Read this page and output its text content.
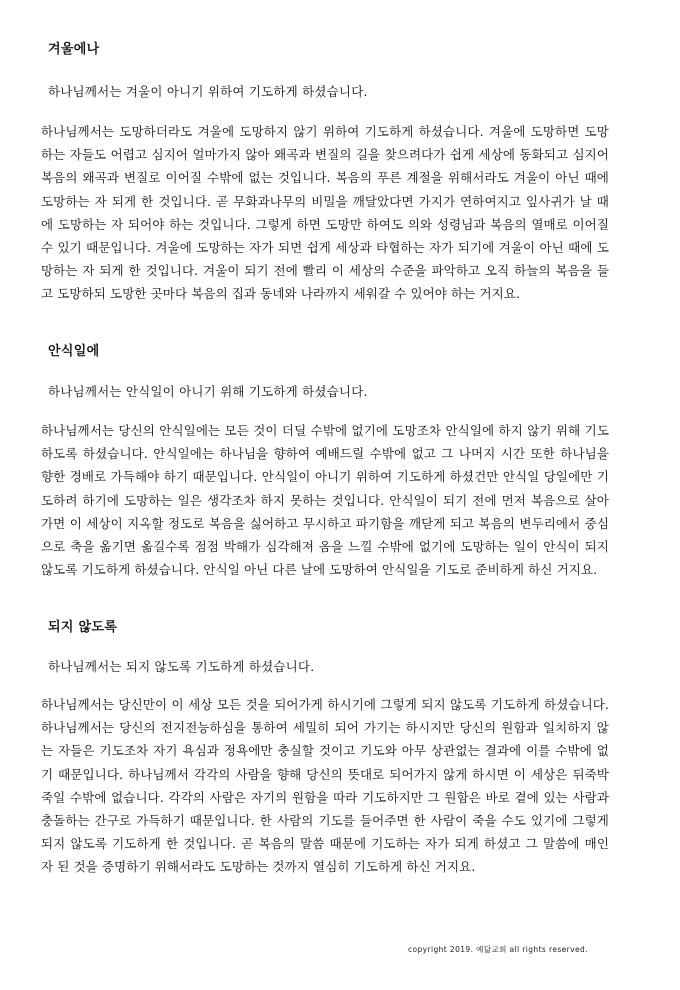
겨울에나
하나님께서는 겨울이 아니기 위하여 기도하게 하셨습니다.
하나님께서는 도망하더라도 겨울에 도망하지 않기 위하여 기도하게 하셨습니다. 겨울에 도망하면 도망하는 자들도 어렵고 심지어 얼마가지 않아 왜곡과 변질의 길을 찾으려다가 쉽게 세상에 동화되고 심지어 복음의 왜곡과 변질로 이어질 수밖에 없는 것입니다. 복음의 푸른 계절을 위해서라도 겨울이 아닌 때에 도망하는 자 되게 한 것입니다. 곧 무화과나무의 비밀을 깨달았다면 가지가 연하여지고 잎사귀가 날 때에 도망하는 자 되어야 하는 것입니다. 그렇게 하면 도망만 하여도 의와 성령님과 복음의 열매로 이어질 수 있기 때문입니다. 겨울에 도망하는 자가 되면 쉽게 세상과 타협하는 자가 되기에 겨울이 아닌 때에 도망하는 자 되게 한 것입니다. 겨울이 되기 전에 빨리 이 세상의 수준을 파악하고 오직 하늘의 복음을 들고 도망하되 도망한 곳마다 복음의 집과 동네와 나라까지 세워갈 수 있어야 하는 거지요.
안식일에
하나님께서는 안식일이 아니기 위해 기도하게 하셨습니다.
하나님께서는 당신의 안식일에는 모든 것이 더딜 수밖에 없기에 도망조차 안식일에 하지 않기 위해 기도하도록 하셨습니다. 안식일에는 하나님을 향하여 예배드릴 수밖에 없고 그 나머지 시간 또한 하나님을 향한 경배로 가득해야 하기 때문입니다. 안식일이 아니기 위하여 기도하게 하셨건만 안식일 당일에만 기도하려 하기에 도망하는 일은 생각조차 하지 못하는 것입니다. 안식일이 되기 전에 먼저 복음으로 살아가면 이 세상이 지옥할 정도로 복음을 싫어하고 무시하고 파기함을 깨닫게 되고 복음의 변두리에서 중심으로 축을 옮기면 옮길수록 점점 박해가 심각해져 옴을 느낄 수밖에 없기에 도망하는 일이 안식이 되지 않도록 기도하게 하셨습니다. 안식일 아닌 다른 날에 도망하여 안식일을 기도로 준비하게 하신 거지요.
되지 않도록
하나님께서는 되지 않도록 기도하게 하셨습니다.
하나님께서는 당신만이 이 세상 모든 것을 되어가게 하시기에 그렇게 되지 않도록 기도하게 하셨습니다. 하나님께서는 당신의 전지전능하심을 통하여 세밀히 되어 가기는 하시지만 당신의 원함과 일치하지 않는 자들은 기도조차 자기 욕심과 정욕에만 충실할 것이고 기도와 아무 상관없는 결과에 이를 수밖에 없기 때문입니다. 하나님께서 각각의 사람을 향해 당신의 뜻대로 되어가지 않게 하시면 이 세상은 뒤죽박죽일 수밖에 없습니다. 각각의 사람은 자기의 원함을 따라 기도하지만 그 원함은 바로 곁에 있는 사람과 충돌하는 간구로 가득하기 때문입니다. 한 사람의 기도를 들어주면 한 사람이 죽을 수도 있기에 그렇게 되지 않도록 기도하게 한 것입니다. 곧 복음의 말씀 때문에 기도하는 자가 되게 하셨고 그 말씀에 매인 자 된 것을 증명하기 위해서라도 도망하는 것까지 열심히 기도하게 하신 거지요.
copyright 2019. 예닮교회 all rights reserved.
